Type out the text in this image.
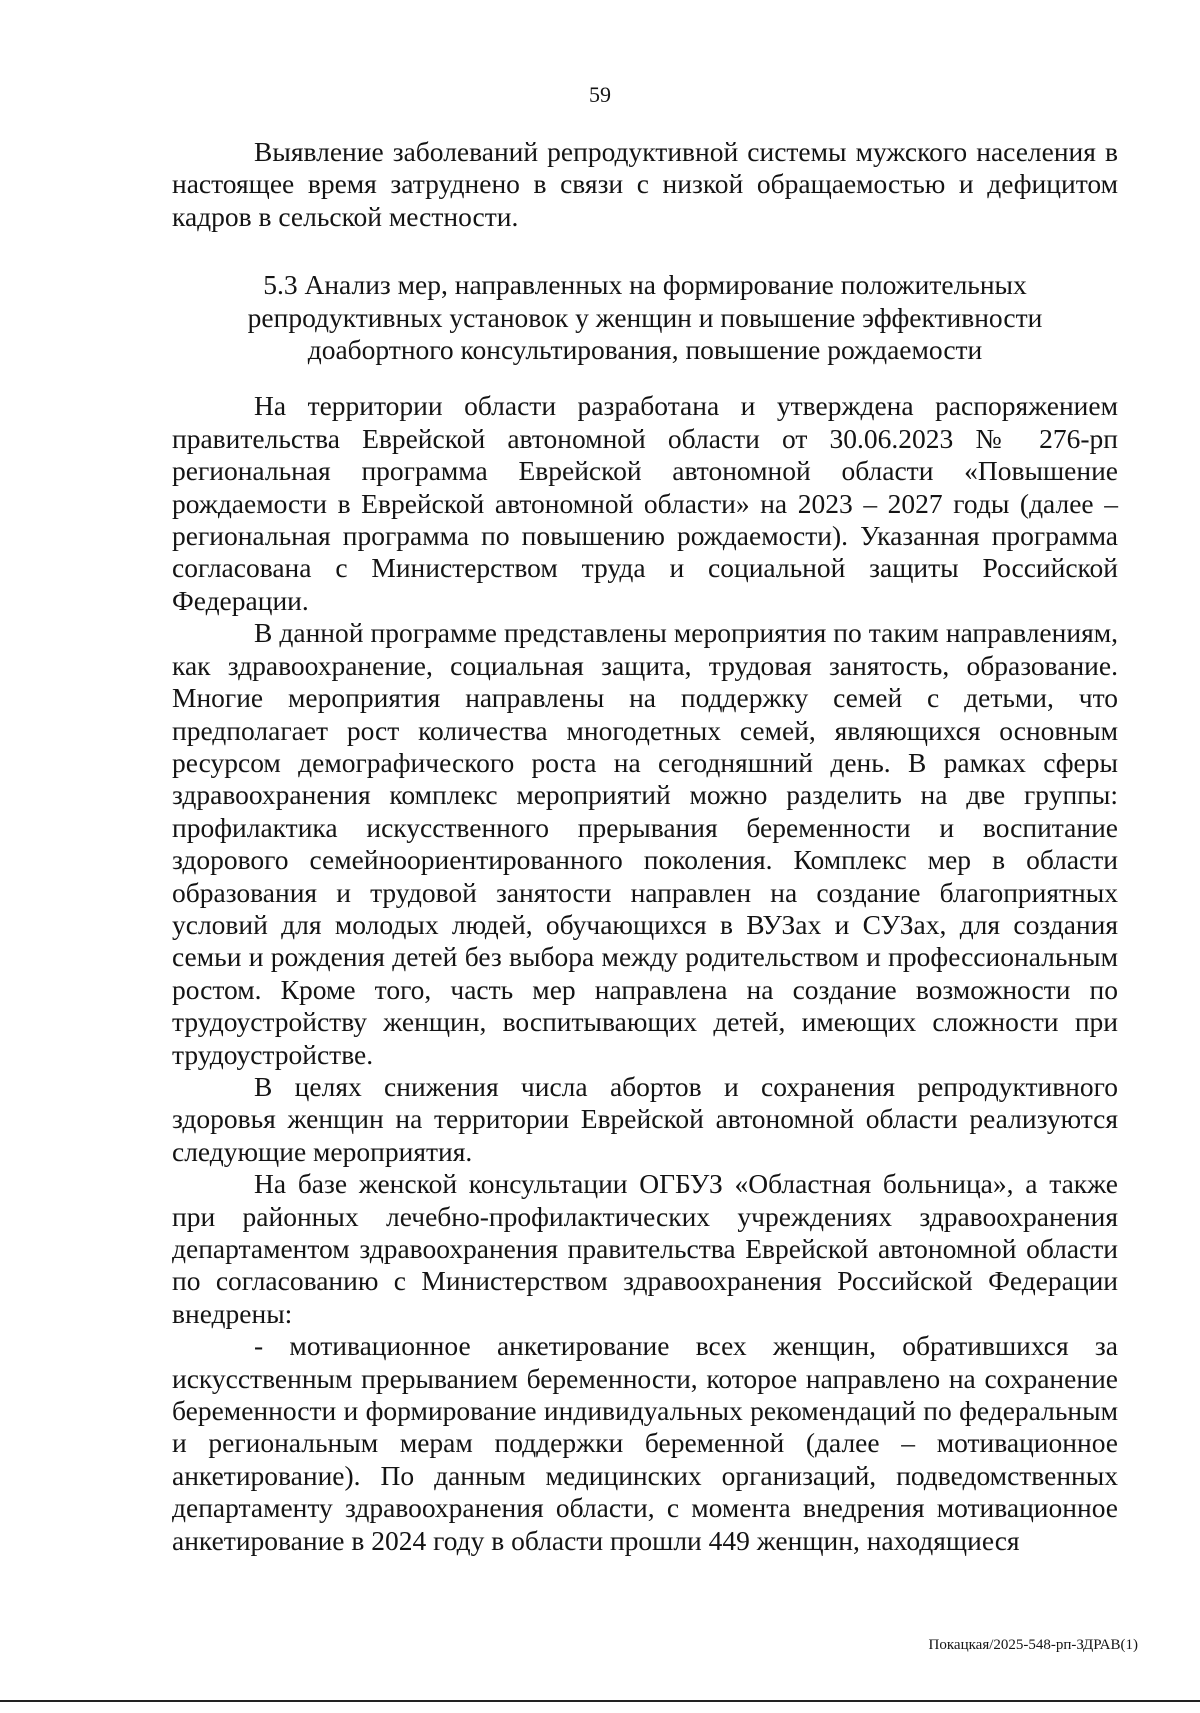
59

Выявление заболеваний репродуктивной системы мужского населения в настоящее время затруднено в связи с низкой обращаемостью и дефицитом кадров в сельской местности.

5.3 Анализ мер, направленных на формирование положительных репродуктивных установок у женщин и повышение эффективности доабортного консультирования, повышение рождаемости

На территории области разработана и утверждена распоряжением правительства Еврейской автономной области от 30.06.2023 № 276-рп региональная программа Еврейской автономной области «Повышение рождаемости в Еврейской автономной области» на 2023 – 2027 годы (далее – региональная программа по повышению рождаемости). Указанная программа согласована с Министерством труда и социальной защиты Российской Федерации.

В данной программе представлены мероприятия по таким направлениям, как здравоохранение, социальная защита, трудовая занятость, образование. Многие мероприятия направлены на поддержку семей с детьми, что предполагает рост количества многодетных семей, являющихся основным ресурсом демографического роста на сегодняшний день. В рамках сферы здравоохранения комплекс мероприятий можно разделить на две группы: профилактика искусственного прерывания беременности и воспитание здорового семейноориентированного поколения. Комплекс мер в области образования и трудовой занятости направлен на создание благоприятных условий для молодых людей, обучающихся в ВУЗах и СУЗах, для создания семьи и рождения детей без выбора между родительством и профессиональным ростом. Кроме того, часть мер направлена на создание возможности по трудоустройству женщин, воспитывающих детей, имеющих сложности при трудоустройстве.

В целях снижения числа абортов и сохранения репродуктивного здоровья женщин на территории Еврейской автономной области реализуются следующие мероприятия.

На базе женской консультации ОГБУЗ «Областная больница», а также при районных лечебно-профилактических учреждениях здравоохранения департаментом здравоохранения правительства Еврейской автономной области по согласованию с Министерством здравоохранения Российской Федерации внедрены:

- мотивационное анкетирование всех женщин, обратившихся за искусственным прерыванием беременности, которое направлено на сохранение беременности и формирование индивидуальных рекомендаций по федеральным и региональным мерам поддержки беременной (далее – мотивационное анкетирование). По данным медицинских организаций, подведомственных департаменту здравоохранения области, с момента внедрения мотивационное анкетирование в 2024 году в области прошли 449 женщин, находящиеся

Покацкая/2025-548-рп-ЗДРАВ(1)
